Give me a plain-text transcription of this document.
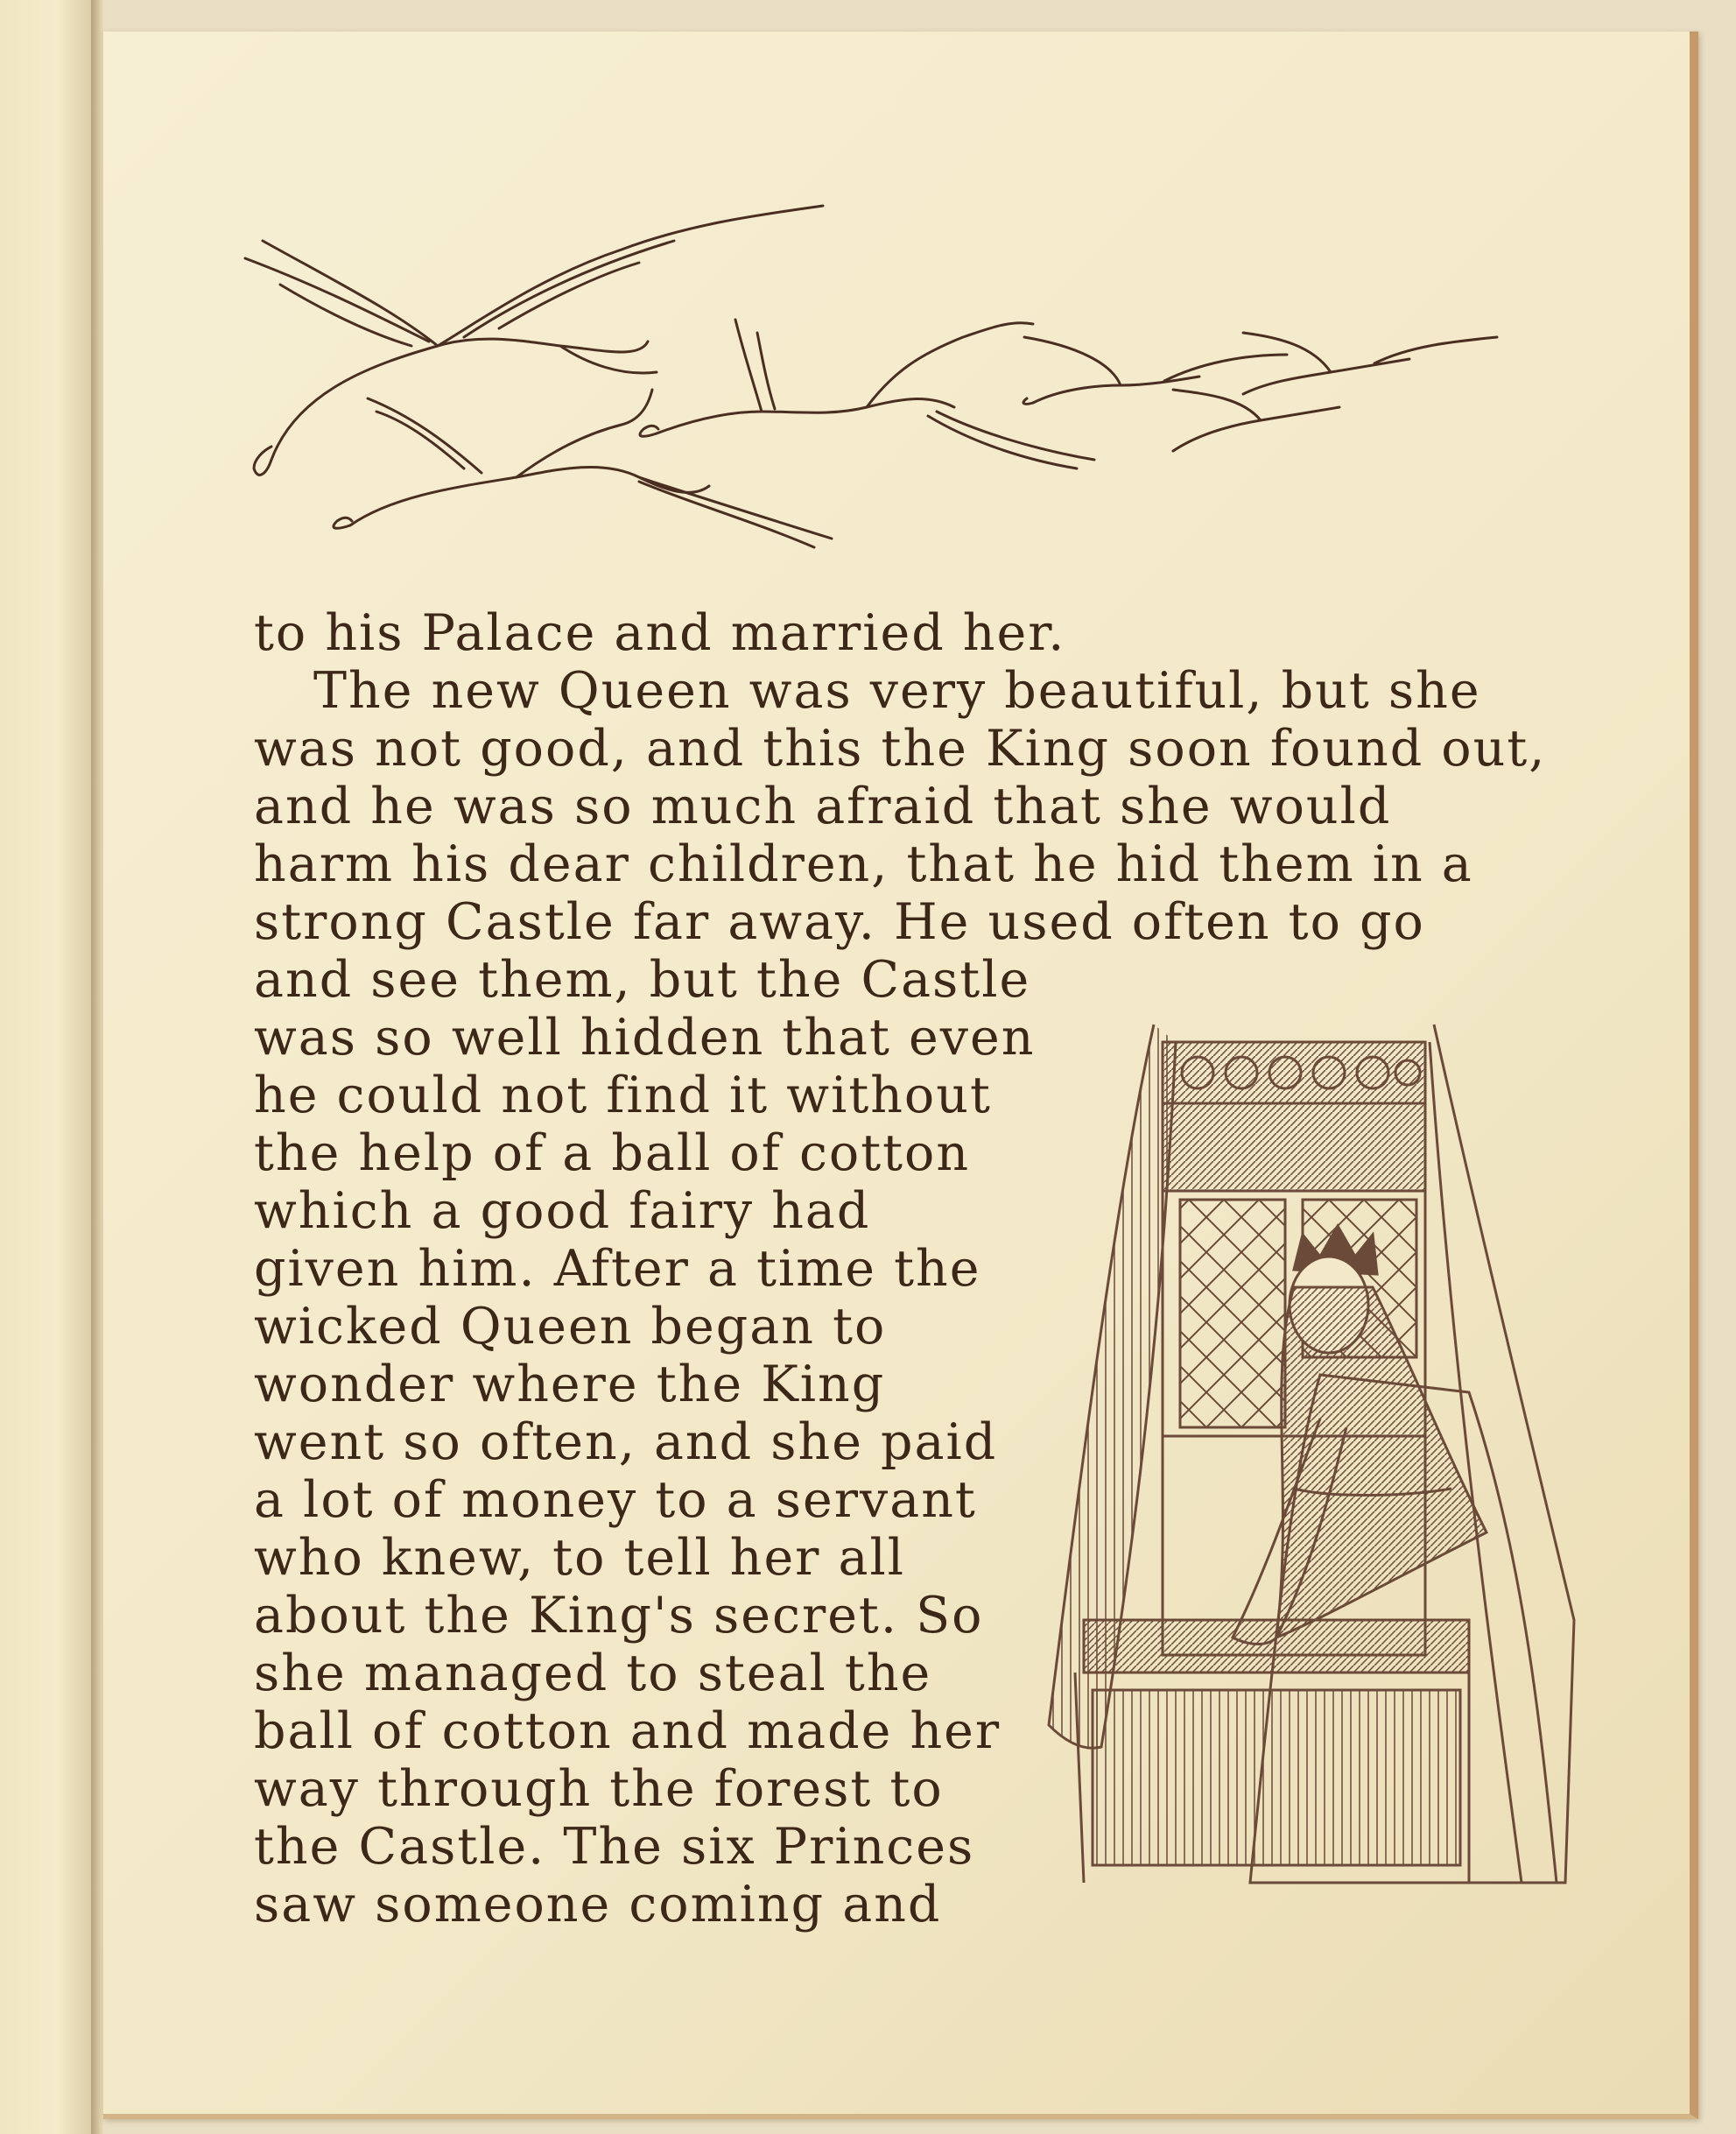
to his Palace and married her.
The new Queen was very beautiful, but she
was not good, and this the King soon found out,
and he was so much afraid that she would
harm his dear children, that he hid them in a
strong Castle far away. He used often to go
and see them, but the Castle
was so well hidden that even
he could not find it without
the help of a ball of cotton
which a good fairy had
given him. After a time the
wicked Queen began to
wonder where the King
went so often, and she paid
a lot of money to a servant
who knew, to tell her all
about the King's secret. So
she managed to steal the
ball of cotton and made her
way through the forest to
the Castle. The six Princes
saw someone coming and
